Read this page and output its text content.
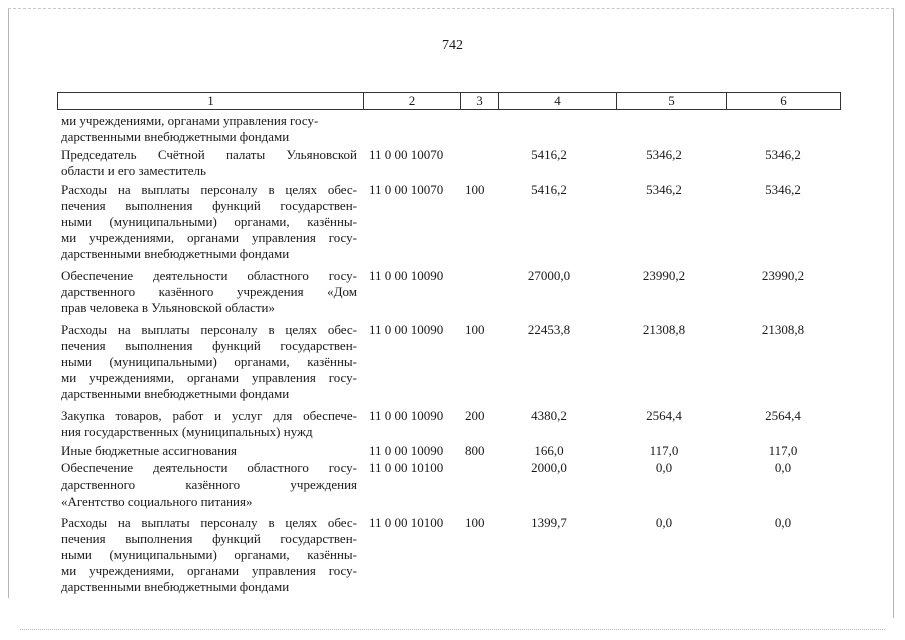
742
1	2	3	4	5	6
ми учреждениями, органами управления госу-
дарственными внебюджетными фондами
Председатель Счётной палаты Ульяновской
области и его заместитель
11 0 00 10070	5416,2	5346,2	5346,2
Расходы на выплаты персоналу в целях обес-
печения выполнения функций государствен-
ными (муниципальными) органами, казённы-
ми учреждениями, органами управления госу-
дарственными внебюджетными фондами
11 0 00 10070 100	5416,2	5346,2	5346,2
Обеспечение деятельности областного госу-
дарственного казённого учреждения «Дом
прав человека в Ульяновской области»
11 0 00 10090	27000,0	23990,2	23990,2
Расходы на выплаты персоналу в целях обес-
печения выполнения функций государствен-
ными (муниципальными) органами, казённы-
ми учреждениями, органами управления госу-
дарственными внебюджетными фондами
11 0 00 10090 100	22453,8	21308,8	21308,8
Закупка товаров, работ и услуг для обеспече-
ния государственных (муниципальных) нужд
11 0 00 10090 200	4380,2	2564,4	2564,4
Иные бюджетные ассигнования	11 0 00 10090 800	166,0	117,0	117,0
Обеспечение деятельности областного госу-
дарственного казённого учреждения
«Агентство социального питания»
11 0 00 10100	2000,0	0,0	0,0
Расходы на выплаты персоналу в целях обес-
печения выполнения функций государствен-
ными (муниципальными) органами, казённы-
ми учреждениями, органами управления госу-
дарственными внебюджетными фондами
11 0 00 10100 100	1399,7	0,0	0,0
